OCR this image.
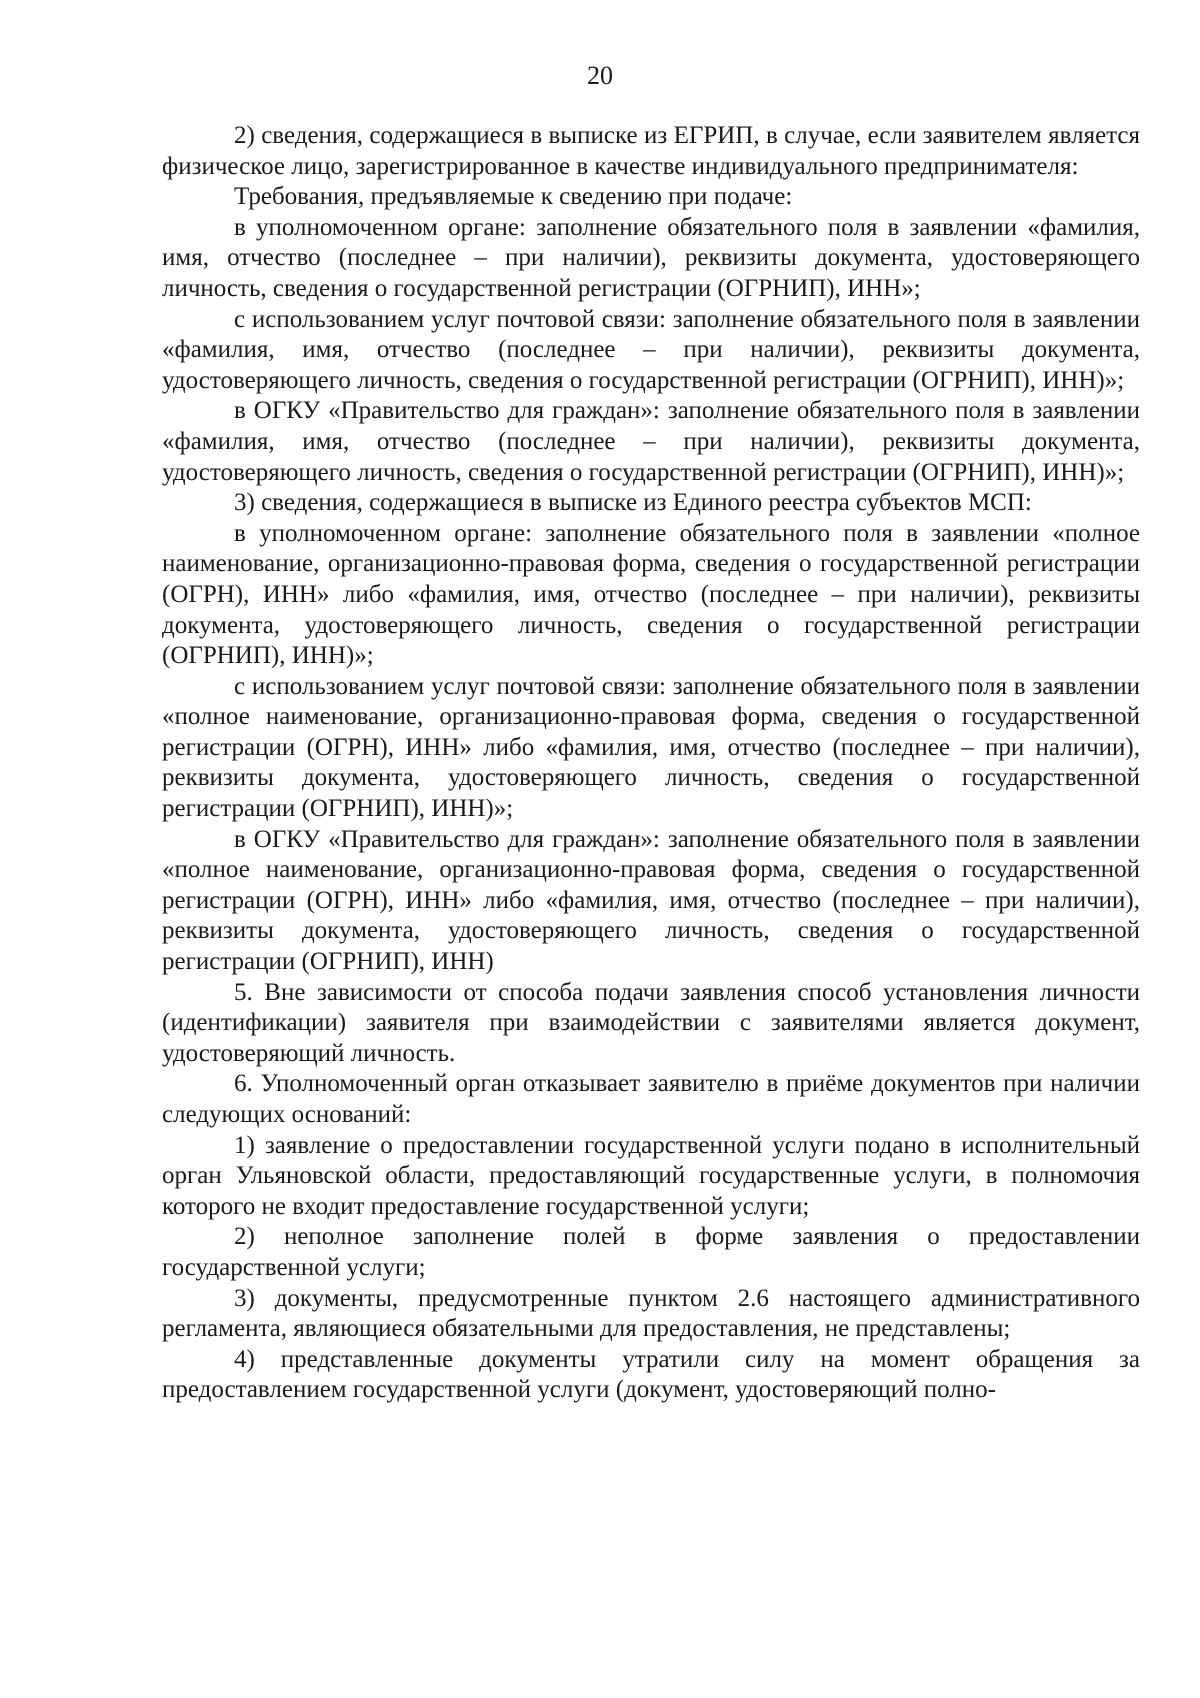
20

2) сведения, содержащиеся в выписке из ЕГРИП, в случае, если заявителем является физическое лицо, зарегистрированное в качестве индивидуального предпринимателя:

Требования, предъявляемые к сведению при подаче:

в уполномоченном органе: заполнение обязательного поля в заявлении «фамилия, имя, отчество (последнее – при наличии), реквизиты документа, удостоверяющего личность, сведения о государственной регистрации (ОГРНИП), ИНН»;

с использованием услуг почтовой связи: заполнение обязательного поля в заявлении «фамилия, имя, отчество (последнее – при наличии), реквизиты документа, удостоверяющего личность, сведения о государственной регистрации (ОГРНИП), ИНН)»;

в ОГКУ «Правительство для граждан»: заполнение обязательного поля в заявлении «фамилия, имя, отчество (последнее – при наличии), реквизиты документа, удостоверяющего личность, сведения о государственной регистрации (ОГРНИП), ИНН)»;

3) сведения, содержащиеся в выписке из Единого реестра субъектов МСП:

в уполномоченном органе: заполнение обязательного поля в заявлении «полное наименование, организационно-правовая форма, сведения о государственной регистрации (ОГРН), ИНН» либо «фамилия, имя, отчество (последнее – при наличии), реквизиты документа, удостоверяющего личность, сведения о государственной регистрации (ОГРНИП), ИНН)»;

с использованием услуг почтовой связи: заполнение обязательного поля в заявлении «полное наименование, организационно-правовая форма, сведения о государственной регистрации (ОГРН), ИНН» либо «фамилия, имя, отчество (последнее – при наличии), реквизиты документа, удостоверяющего личность, сведения о государственной регистрации (ОГРНИП), ИНН)»;

в ОГКУ «Правительство для граждан»: заполнение обязательного поля в заявлении «полное наименование, организационно-правовая форма, сведения о государственной регистрации (ОГРН), ИНН» либо «фамилия, имя, отчество (последнее – при наличии), реквизиты документа, удостоверяющего личность, сведения о государственной регистрации (ОГРНИП), ИНН)

5. Вне зависимости от способа подачи заявления способ установления личности (идентификации) заявителя при взаимодействии с заявителями является документ, удостоверяющий личность.

6. Уполномоченный орган отказывает заявителю в приёме документов при наличии следующих оснований:

1) заявление о предоставлении государственной услуги подано в исполнительный орган Ульяновской области, предоставляющий государственные услуги, в полномочия которого не входит предоставление государственной услуги;

2) неполное заполнение полей в форме заявления о предоставлении государственной услуги;

3) документы, предусмотренные пунктом 2.6 настоящего административного регламента, являющиеся обязательными для предоставления, не представлены;

4) представленные документы утратили силу на момент обращения за предоставлением государственной услуги (документ, удостоверяющий полно-
